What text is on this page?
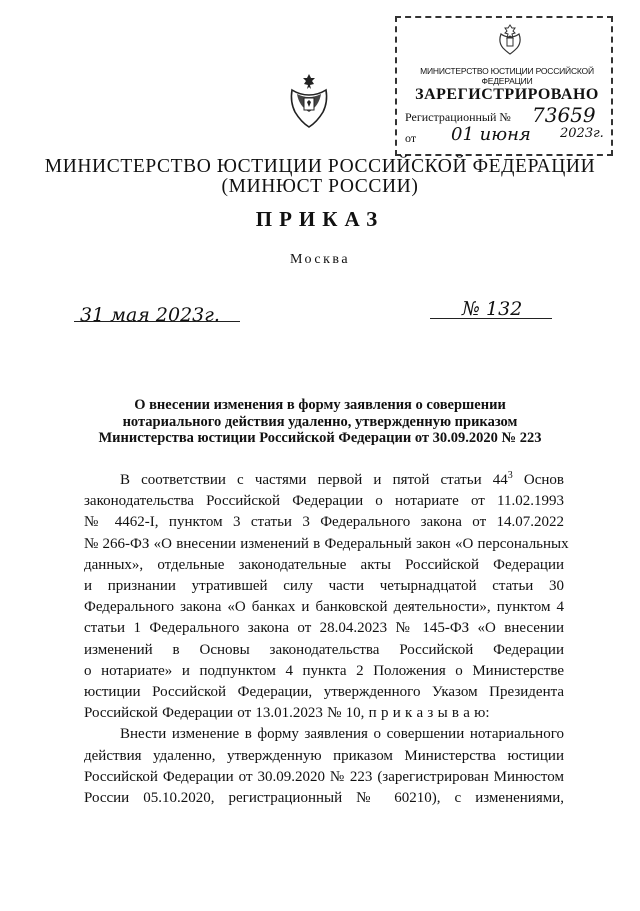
МИНИСТЕРСТВО ЮСТИЦИИ РОССИЙСКОЙ ФЕДЕРАЦИИ
ЗАРЕГИСТРИРОВАНО
Регистрационный № 73659
от 01 июня 2023г.
МИНИСТЕРСТВО ЮСТИЦИИ РОССИЙСКОЙ ФЕДЕРАЦИИ
(МИНЮСТ РОССИИ)
ПРИКАЗ
Москва
31 мая 2023г.	№ 132
О внесении изменения в форму заявления о совершении
нотариального действия удаленно, утвержденную приказом
Министерства юстиции Российской Федерации от 30.09.2020 № 223
В соответствии с частями первой и пятой статьи $44^3$ Основ
законодательства Российской Федерации о нотариате от 11.02.1993
№ 4462-I, пунктом 3 статьи 3 Федерального закона от 14.07.2022
№ 266-ФЗ «О внесении изменений в Федеральный закон «О персональных
данных», отдельные законодательные акты Российской Федерации
и признании утратившей силу части четырнадцатой статьи 30
Федерального закона «О банках и банковской деятельности», пунктом 4
статьи 1 Федерального закона от 28.04.2023 № 145-ФЗ «О внесении
изменений в Основы законодательства Российской Федерации
о нотариате» и подпунктом 4 пункта 2 Положения о Министерстве
юстиции Российской Федерации, утвержденного Указом Президента
Российской Федерации от 13.01.2023 № 10, п р и к а з ы в а ю:
Внести изменение в форму заявления о совершении нотариального
действия удаленно, утвержденную приказом Министерства юстиции
Российской Федерации от 30.09.2020 № 223 (зарегистрирован Минюстом
России 05.10.2020, регистрационный № 60210), с изменениями,
